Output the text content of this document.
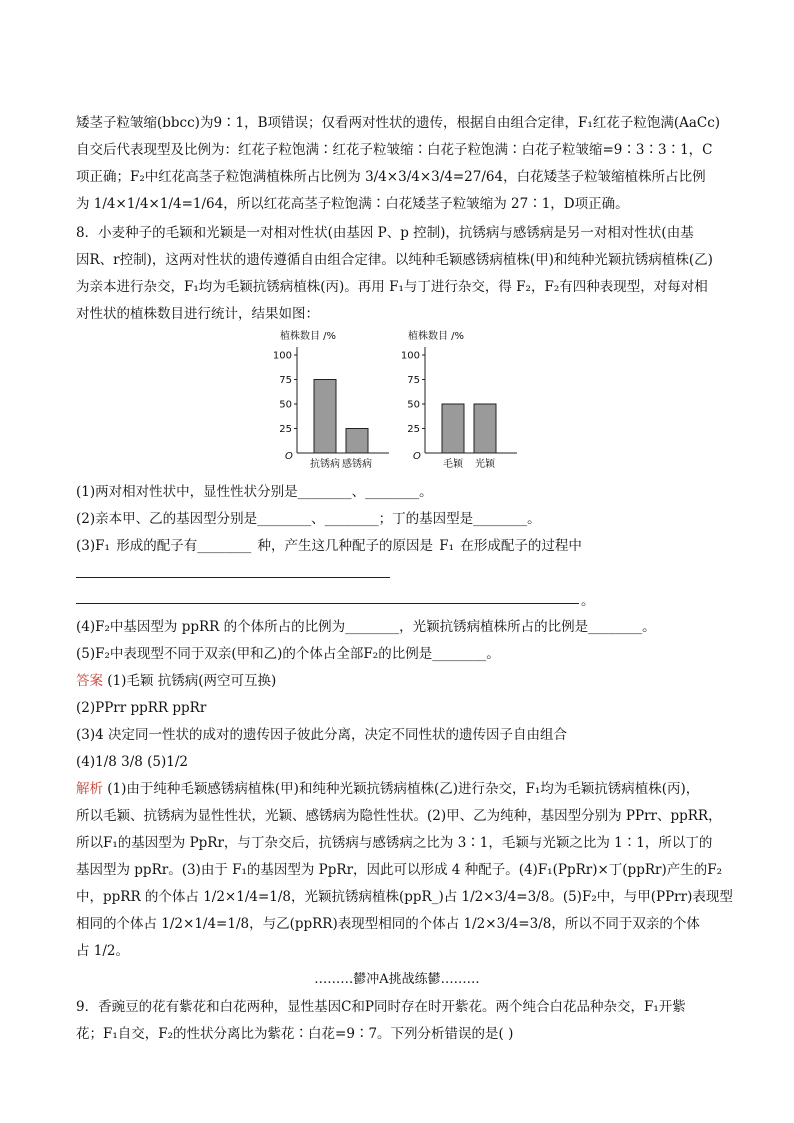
矮茎子粒皱缩(bbcc)为9∶1，B项错误；仅看两对性状的遗传，根据自由组合定律，F₁红花子粒饱满(AaCc)
自交后代表现型及比例为：红花子粒饱满∶红花子粒皱缩∶白花子粒饱满∶白花子粒皱缩=9∶3∶3∶1，C
项正确；F₂中红花高茎子粒饱满植株所占比例为 3/4×3/4×3/4=27/64，白花矮茎子粒皱缩植株所占比例
为 1/4×1/4×1/4=1/64，所以红花高茎子粒饱满∶白花矮茎子粒皱缩为 27∶1，D项正确。
8．小麦种子的毛颖和光颖是一对相对性状(由基因 P、p 控制)，抗锈病与感锈病是另一对相对性状(由基
因R、r控制)，这两对性状的遗传遵循自由组合定律。以纯种毛颖感锈病植株(甲)和纯种光颖抗锈病植株(乙)
为亲本进行杂交，F₁均为毛颖抗锈病植株(丙)。再用 F₁与丁进行杂交，得 F₂，F₂有四种表现型，对每对相
对性状的植株数目进行统计，结果如图：
植株数目 /%
O
25
50
75
100
抗锈病 感锈病
植株数目 /%
O
25
50
75
100
毛颖 光颖
(1)两对相对性状中，显性性状分别是________、________。
(2)亲本甲、乙的基因型分别是________、________；丁的基因型是________。
(3)F₁ 形成的配子有________ 种，产生这几种配子的原因是 F₁ 在形成配子的过程中
。
(4)F₂中基因型为 ppRR 的个体所占的比例为________，光颖抗锈病植株所占的比例是________。
(5)F₂中表现型不同于双亲(甲和乙)的个体占全部F₂的比例是________。
答案 (1)毛颖 抗锈病(两空可互换)
(2)PPrr ppRR ppRr
(3)4 决定同一性状的成对的遗传因子彼此分离，决定不同性状的遗传因子自由组合
(4)1/8 3/8 (5)1/2
解析 (1)由于纯种毛颖感锈病植株(甲)和纯种光颖抗锈病植株(乙)进行杂交，F₁均为毛颖抗锈病植株(丙)，
所以毛颖、抗锈病为显性性状，光颖、感锈病为隐性性状。(2)甲、乙为纯种，基因型分别为 PPrr、ppRR，
所以F₁的基因型为 PpRr，与丁杂交后，抗锈病与感锈病之比为 3∶1，毛颖与光颖之比为 1∶1，所以丁的
基因型为 ppRr。(3)由于 F₁的基因型为 PpRr，因此可以形成 4 种配子。(4)F₁(PpRr)×丁(ppRr)产生的F₂
中，ppRR 的个体占 1/2×1/4=1/8，光颖抗锈病植株(ppR_)占 1/2×3/4=3/8。(5)F₂中，与甲(PPrr)表现型
相同的个体占 1/2×1/4=1/8，与乙(ppRR)表现型相同的个体占 1/2×3/4=3/8，所以不同于双亲的个体
占 1/2。
………鬰冲A挑战练鬰………
9．香豌豆的花有紫花和白花两种，显性基因C和P同时存在时开紫花。两个纯合白花品种杂交，F₁开紫
花；F₁自交，F₂的性状分离比为紫花∶白花=9∶7。下列分析错误的是( )
